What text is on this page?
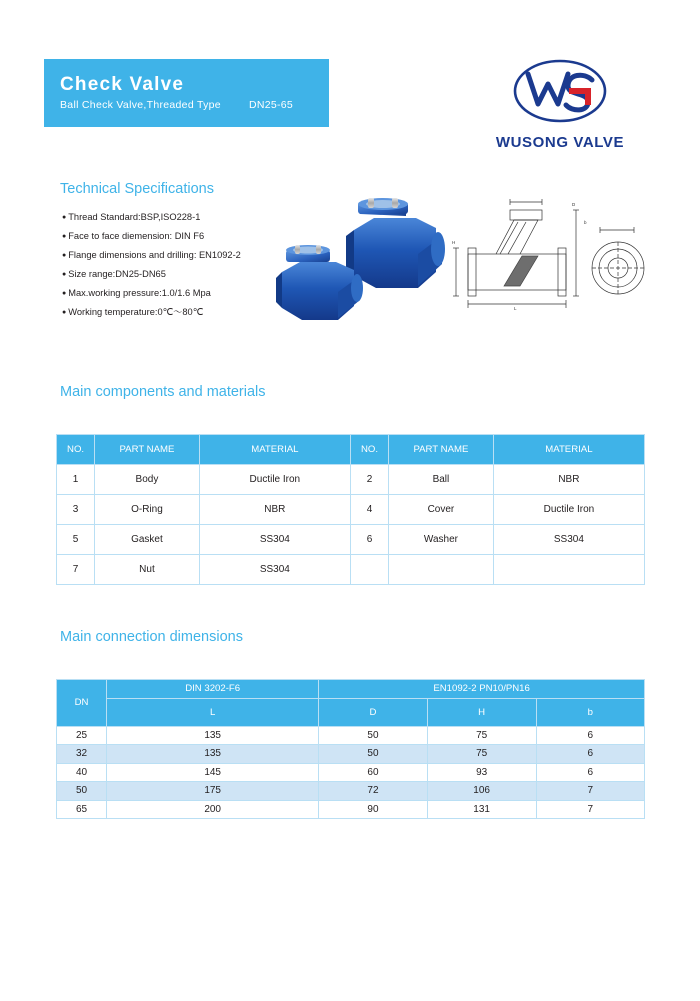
Check Valve
Ball Check Valve,Threaded Type	DN25-65
WUSONG VALVE
Technical Specifications
● Thread Standard:BSP,ISO228-1
● Face to face diemension: DIN F6
● Flange dimensions and drilling: EN1092-2
● Size range:DN25-DN65
● Max.working pressure:1.0/1.6 Mpa
● Working temperature:0℃～80℃	L
H
D
b
Main components and materials
NO.	PART NAME	MATERIAL	NO.	PART NAME	MATERIAL
1	Body	Ductile Iron	2	Ball	NBR
3	O-Ring	NBR	4	Cover	Ductile Iron
5	Gasket	SS304	6	Washer	SS304
7	Nut	SS304			
Main connection dimensions
DN	DIN 3202-F6	EN1092-2 PN10/PN16		
	L	D	H	b
25	135	50	75	6
32	135	50	75	6
40	145	60	93	6
50	175	72	106	7
65	200	90	131	7
